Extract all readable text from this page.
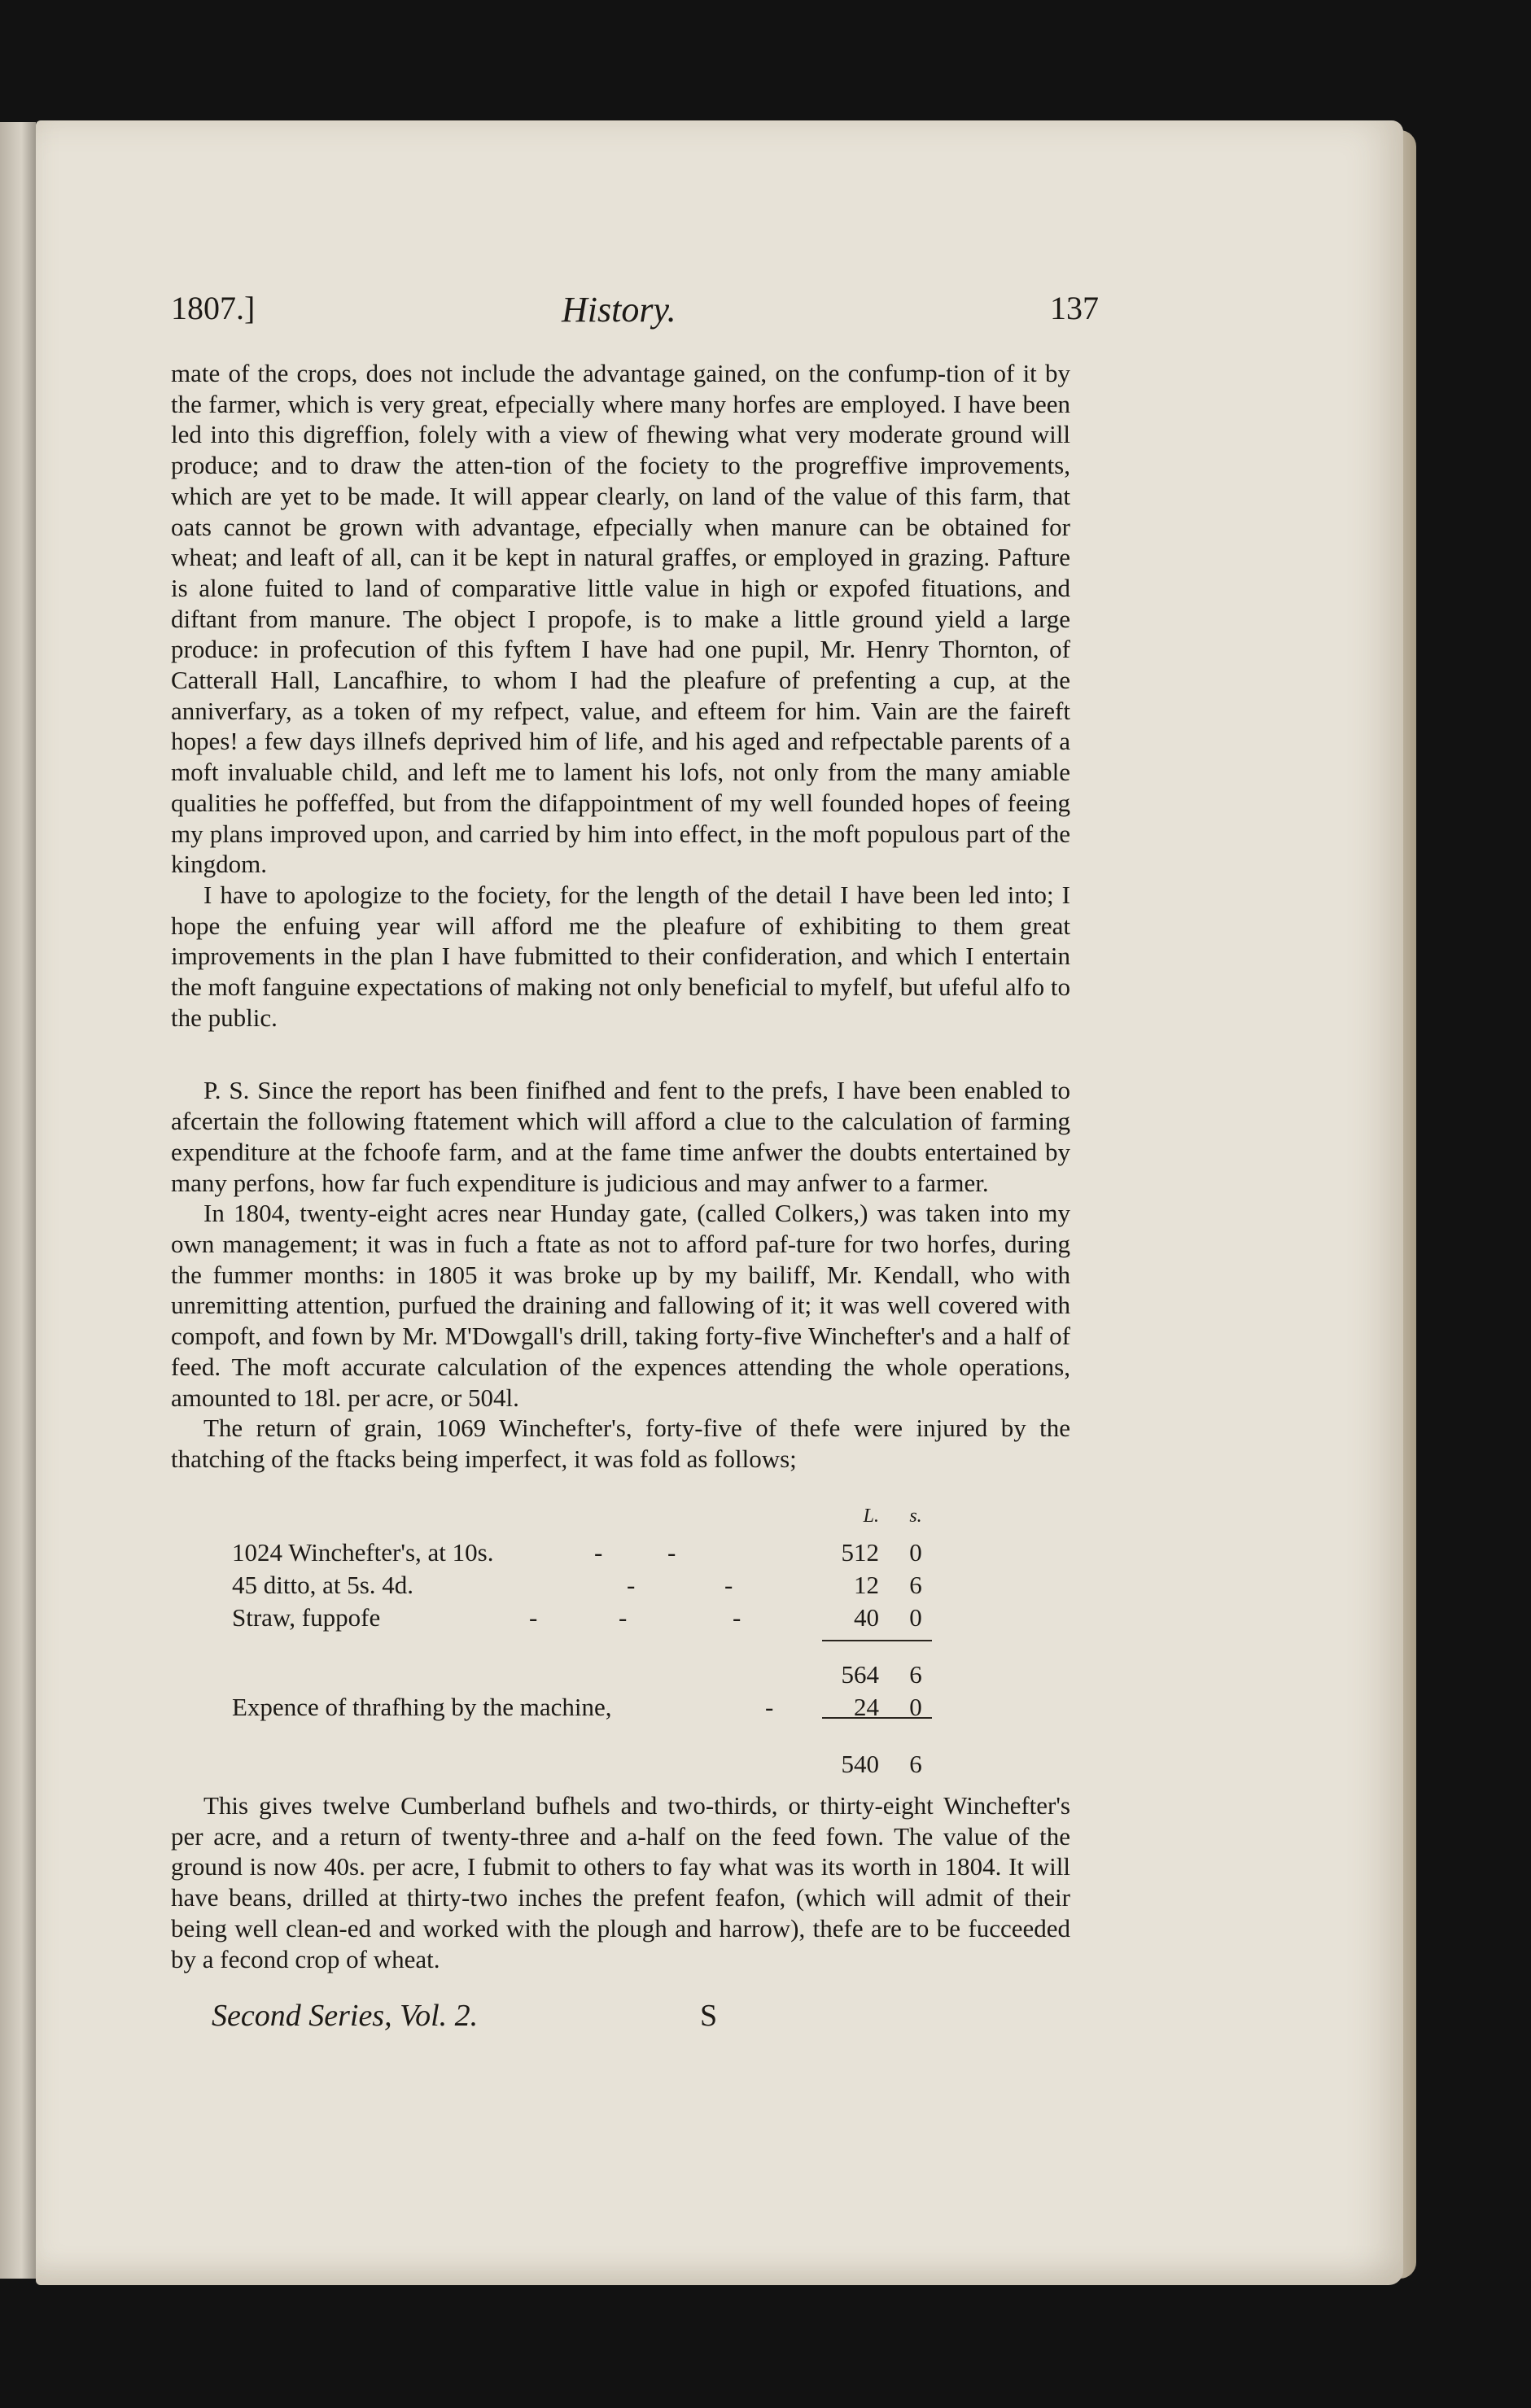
1807.]	History.	137

mate of the crops, does not include the advantage gained, on the confump-tion of it by the farmer, which is very great, efpecially where many horfes are employed. I have been led into this digreffion, folely with a view of fhewing what very moderate ground will produce; and to draw the atten-tion of the fociety to the progreffive improvements, which are yet to be made. It will appear clearly, on land of the value of this farm, that oats cannot be grown with advantage, efpecially when manure can be obtained for wheat; and leaft of all, can it be kept in natural graffes, or employed in grazing. Pafture is alone fuited to land of comparative little value in high or expofed fituations, and diftant from manure. The object I propofe, is to make a little ground yield a large produce: in profecution of this fyftem I have had one pupil, Mr. Henry Thornton, of Catterall Hall, Lancafhire, to whom I had the pleafure of prefenting a cup, at the anniverfary, as a token of my refpect, value, and efteem for him. Vain are the faireft hopes! a few days illnefs deprived him of life, and his aged and refpectable parents of a moft invaluable child, and left me to lament his lofs, not only from the many amiable qualities he poffeffed, but from the difappointment of my well founded hopes of feeing my plans improved upon, and carried by him into effect, in the moft populous part of the kingdom.

I have to apologize to the fociety, for the length of the detail I have been led into; I hope the enfuing year will afford me the pleafure of exhibiting to them great improvements in the plan I have fubmitted to their confideration, and which I entertain the moft fanguine expectations of making not only beneficial to myfelf, but ufeful alfo to the public.

P. S. Since the report has been finifhed and fent to the prefs, I have been enabled to afcertain the following ftatement which will afford a clue to the calculation of farming expenditure at the fchoofe farm, and at the fame time anfwer the doubts entertained by many perfons, how far fuch expenditure is judicious and may anfwer to a farmer.

In 1804, twenty-eight acres near Hunday gate, (called Colkers,) was taken into my own management; it was in fuch a ftate as not to afford paf-ture for two horfes, during the fummer months: in 1805 it was broke up by my bailiff, Mr. Kendall, who with unremitting attention, purfued the draining and fallowing of it; it was well covered with compoft, and fown by Mr. M'Dowgall's drill, taking forty-five Winchefter's and a half of feed. The moft accurate calculation of the expences attending the whole operations, amounted to 18l. per acre, or 504l.

The return of grain, 1069 Winchefter's, forty-five of thefe were injured by the thatching of the ftacks being imperfect, it was fold as follows;

L.	s.
1024 Winchefter's, at 10s.	-	-	512 0
45 ditto, at 5s. 4d.	-	-	12 6
Straw, fuppofe	-	-	-	40 0
564 6
Expence of thrafhing by the machine,	-	24 0
540 6

This gives twelve Cumberland bufhels and two-thirds, or thirty-eight Winchefter's per acre, and a return of twenty-three and a-half on the feed fown. The value of the ground is now 40s. per acre, I fubmit to others to fay what was its worth in 1804. It will have beans, drilled at thirty-two inches the prefent feafon, (which will admit of their being well clean-ed and worked with the plough and harrow), thefe are to be fucceeded by a fecond crop of wheat.

Second Series, Vol. 2.	S
